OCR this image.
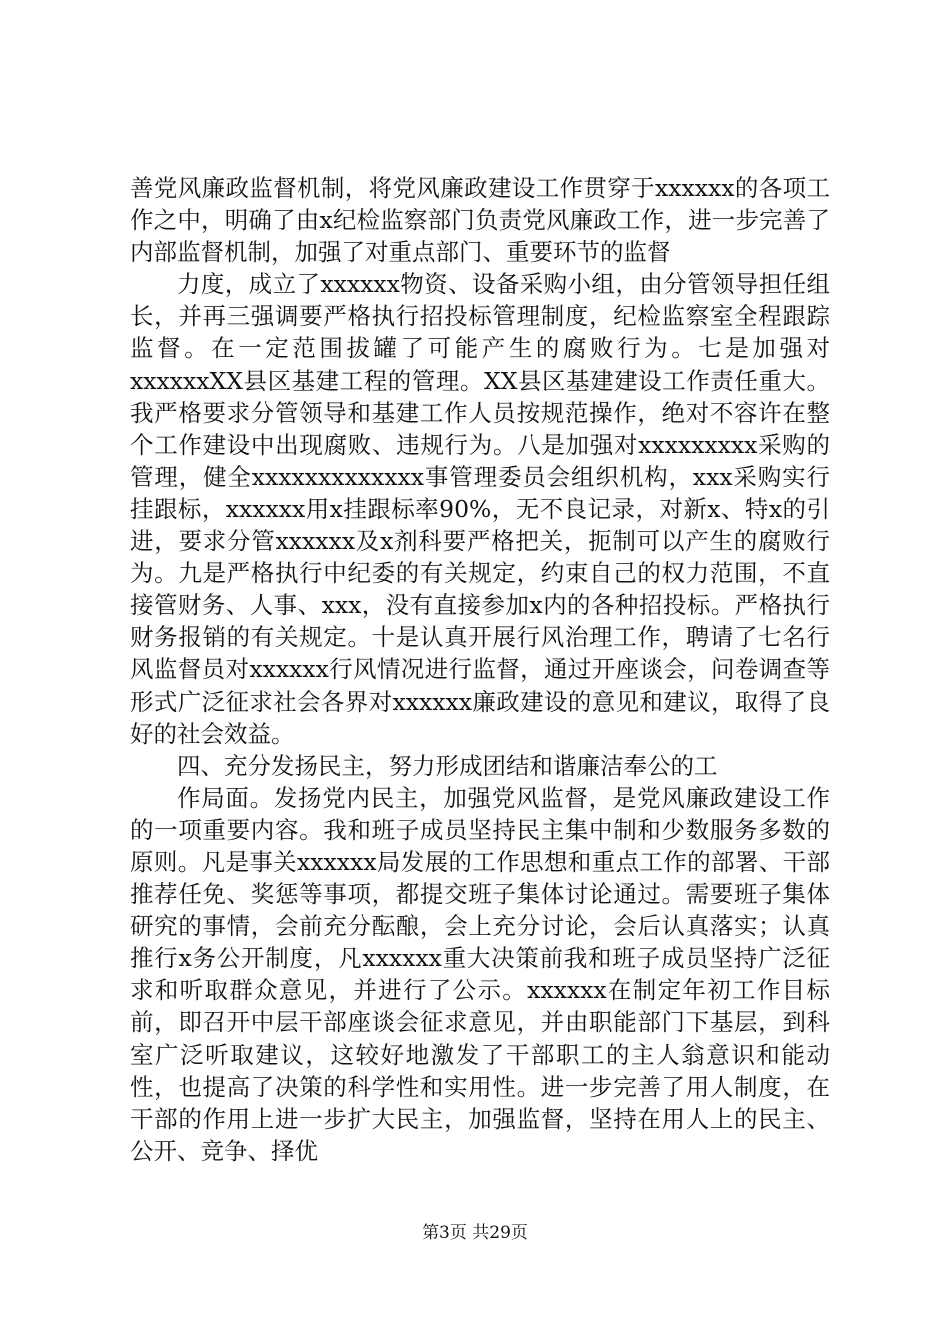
善党风廉政监督机制，将党风廉政建设工作贯穿于xxxxxx的各项工作之中，明确了由x纪检监察部门负责党风廉政工作，进一步完善了内部监督机制，加强了对重点部门、重要环节的监督

力度，成立了xxxxxx物资、设备采购小组，由分管领导担任组长，并再三强调要严格执行招投标管理制度，纪检监察室全程跟踪监督。在一定范围拔罐了可能产生的腐败行为。七是加强对xxxxxxXX县区基建工程的管理。XX县区基建建设工作责任重大。我严格要求分管领导和基建工作人员按规范操作，绝对不容许在整个工作建设中出现腐败、违规行为。八是加强对xxxxxxxxx采购的管理，健全xxxxxxxxxxxxx事管理委员会组织机构，xxx采购实行挂跟标，xxxxxx用x挂跟标率90%，无不良记录，对新x、特x的引进，要求分管xxxxxx及x剂科要严格把关，扼制可以产生的腐败行为。九是严格执行中纪委的有关规定，约束自己的权力范围，不直接管财务、人事、xxx，没有直接参加x内的各种招投标。严格执行财务报销的有关规定。十是认真开展行风治理工作，聘请了七名行风监督员对xxxxxx行风情况进行监督，通过开座谈会，问卷调查等形式广泛征求社会各界对xxxxxx廉政建设的意见和建议，取得了良好的社会效益。

四、充分发扬民主，努力形成团结和谐廉洁奉公的工

作局面。发扬党内民主，加强党风监督，是党风廉政建设工作的一项重要内容。我和班子成员坚持民主集中制和少数服务多数的原则。凡是事关xxxxxx局发展的工作思想和重点工作的部署、干部推荐任免、奖惩等事项，都提交班子集体讨论通过。需要班子集体研究的事情，会前充分酝酿，会上充分讨论，会后认真落实；认真推行x务公开制度，凡xxxxxx重大决策前我和班子成员坚持广泛征求和听取群众意见，并进行了公示。xxxxxx在制定年初工作目标前，即召开中层干部座谈会征求意见，并由职能部门下基层，到科室广泛听取建议，这较好地激发了干部职工的主人翁意识和能动性，也提高了决策的科学性和实用性。进一步完善了用人制度，在干部的作用上进一步扩大民主，加强监督，坚持在用人上的民主、公开、竞争、择优

第3页 共29页
